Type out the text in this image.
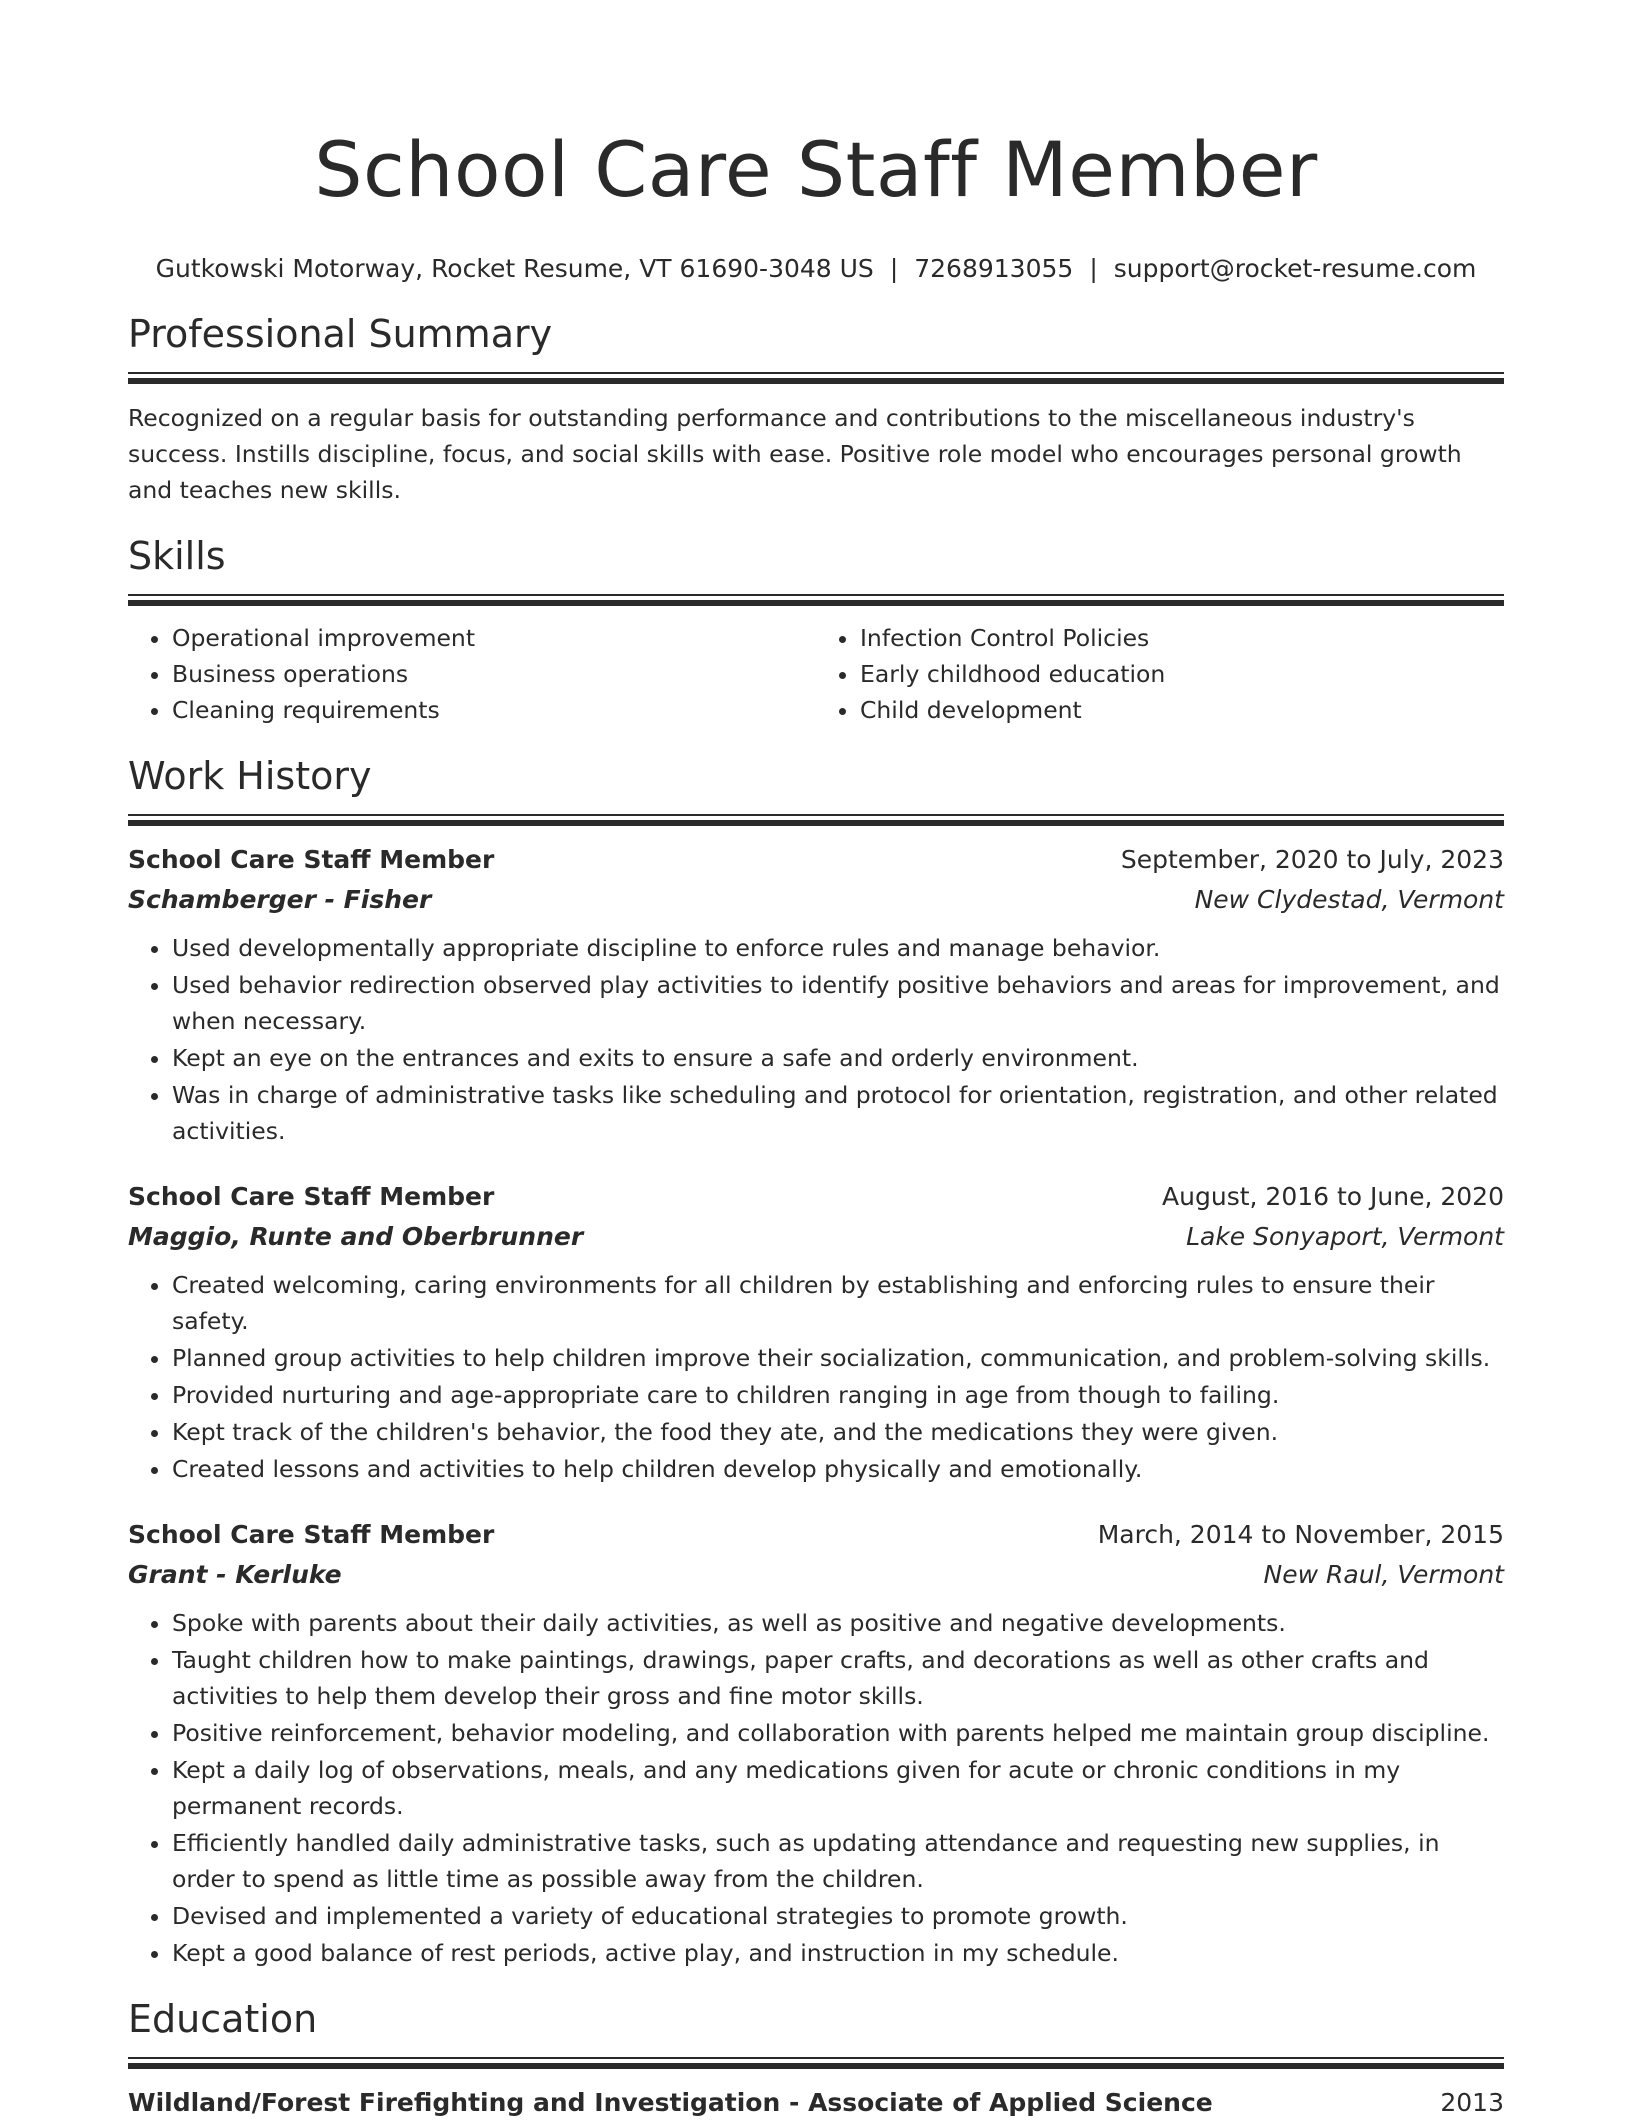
School Care Staff Member
Gutkowski Motorway, Rocket Resume, VT 61690-3048 US | 7268913055 | support@rocket-resume.com
Professional Summary

Recognized on a regular basis for outstanding performance and contributions to the miscellaneous industry's success. Instills discipline, focus, and social skills with ease. Positive role model who encourages personal growth and teaches new skills.

Skills
• Operational improvement
• Business operations
• Cleaning requirements
• Infection Control Policies
• Early childhood education
• Child development
Work History
School Care Staff Member	September, 2020 to July, 2023
Schamberger - Fisher	New Clydestad, Vermont
• Used developmentally appropriate discipline to enforce rules and manage behavior.
• Used behavior redirection observed play activities to identify positive behaviors and areas for improvement, and when necessary.
• Kept an eye on the entrances and exits to ensure a safe and orderly environment.
• Was in charge of administrative tasks like scheduling and protocol for orientation, registration, and other related activities.
School Care Staff Member	August, 2016 to June, 2020
Maggio, Runte and Oberbrunner	Lake Sonyaport, Vermont
• Created welcoming, caring environments for all children by establishing and enforcing rules to ensure their safety.
• Planned group activities to help children improve their socialization, communication, and problem-solving skills.
• Provided nurturing and age-appropriate care to children ranging in age from though to failing.
• Kept track of the children's behavior, the food they ate, and the medications they were given.
• Created lessons and activities to help children develop physically and emotionally.
School Care Staff Member	March, 2014 to November, 2015
Grant - Kerluke	New Raul, Vermont
• Spoke with parents about their daily activities, as well as positive and negative developments.
• Taught children how to make paintings, drawings, paper crafts, and decorations as well as other crafts and activities to help them develop their gross and fine motor skills.
• Positive reinforcement, behavior modeling, and collaboration with parents helped me maintain group discipline.
• Kept a daily log of observations, meals, and any medications given for acute or chronic conditions in my permanent records.
• Efficiently handled daily administrative tasks, such as updating attendance and requesting new supplies, in order to spend as little time as possible away from the children.
• Devised and implemented a variety of educational strategies to promote growth.
• Kept a good balance of rest periods, active play, and instruction in my schedule.
Education
Wildland/Forest Firefighting and Investigation - Associate of Applied Science	2013
